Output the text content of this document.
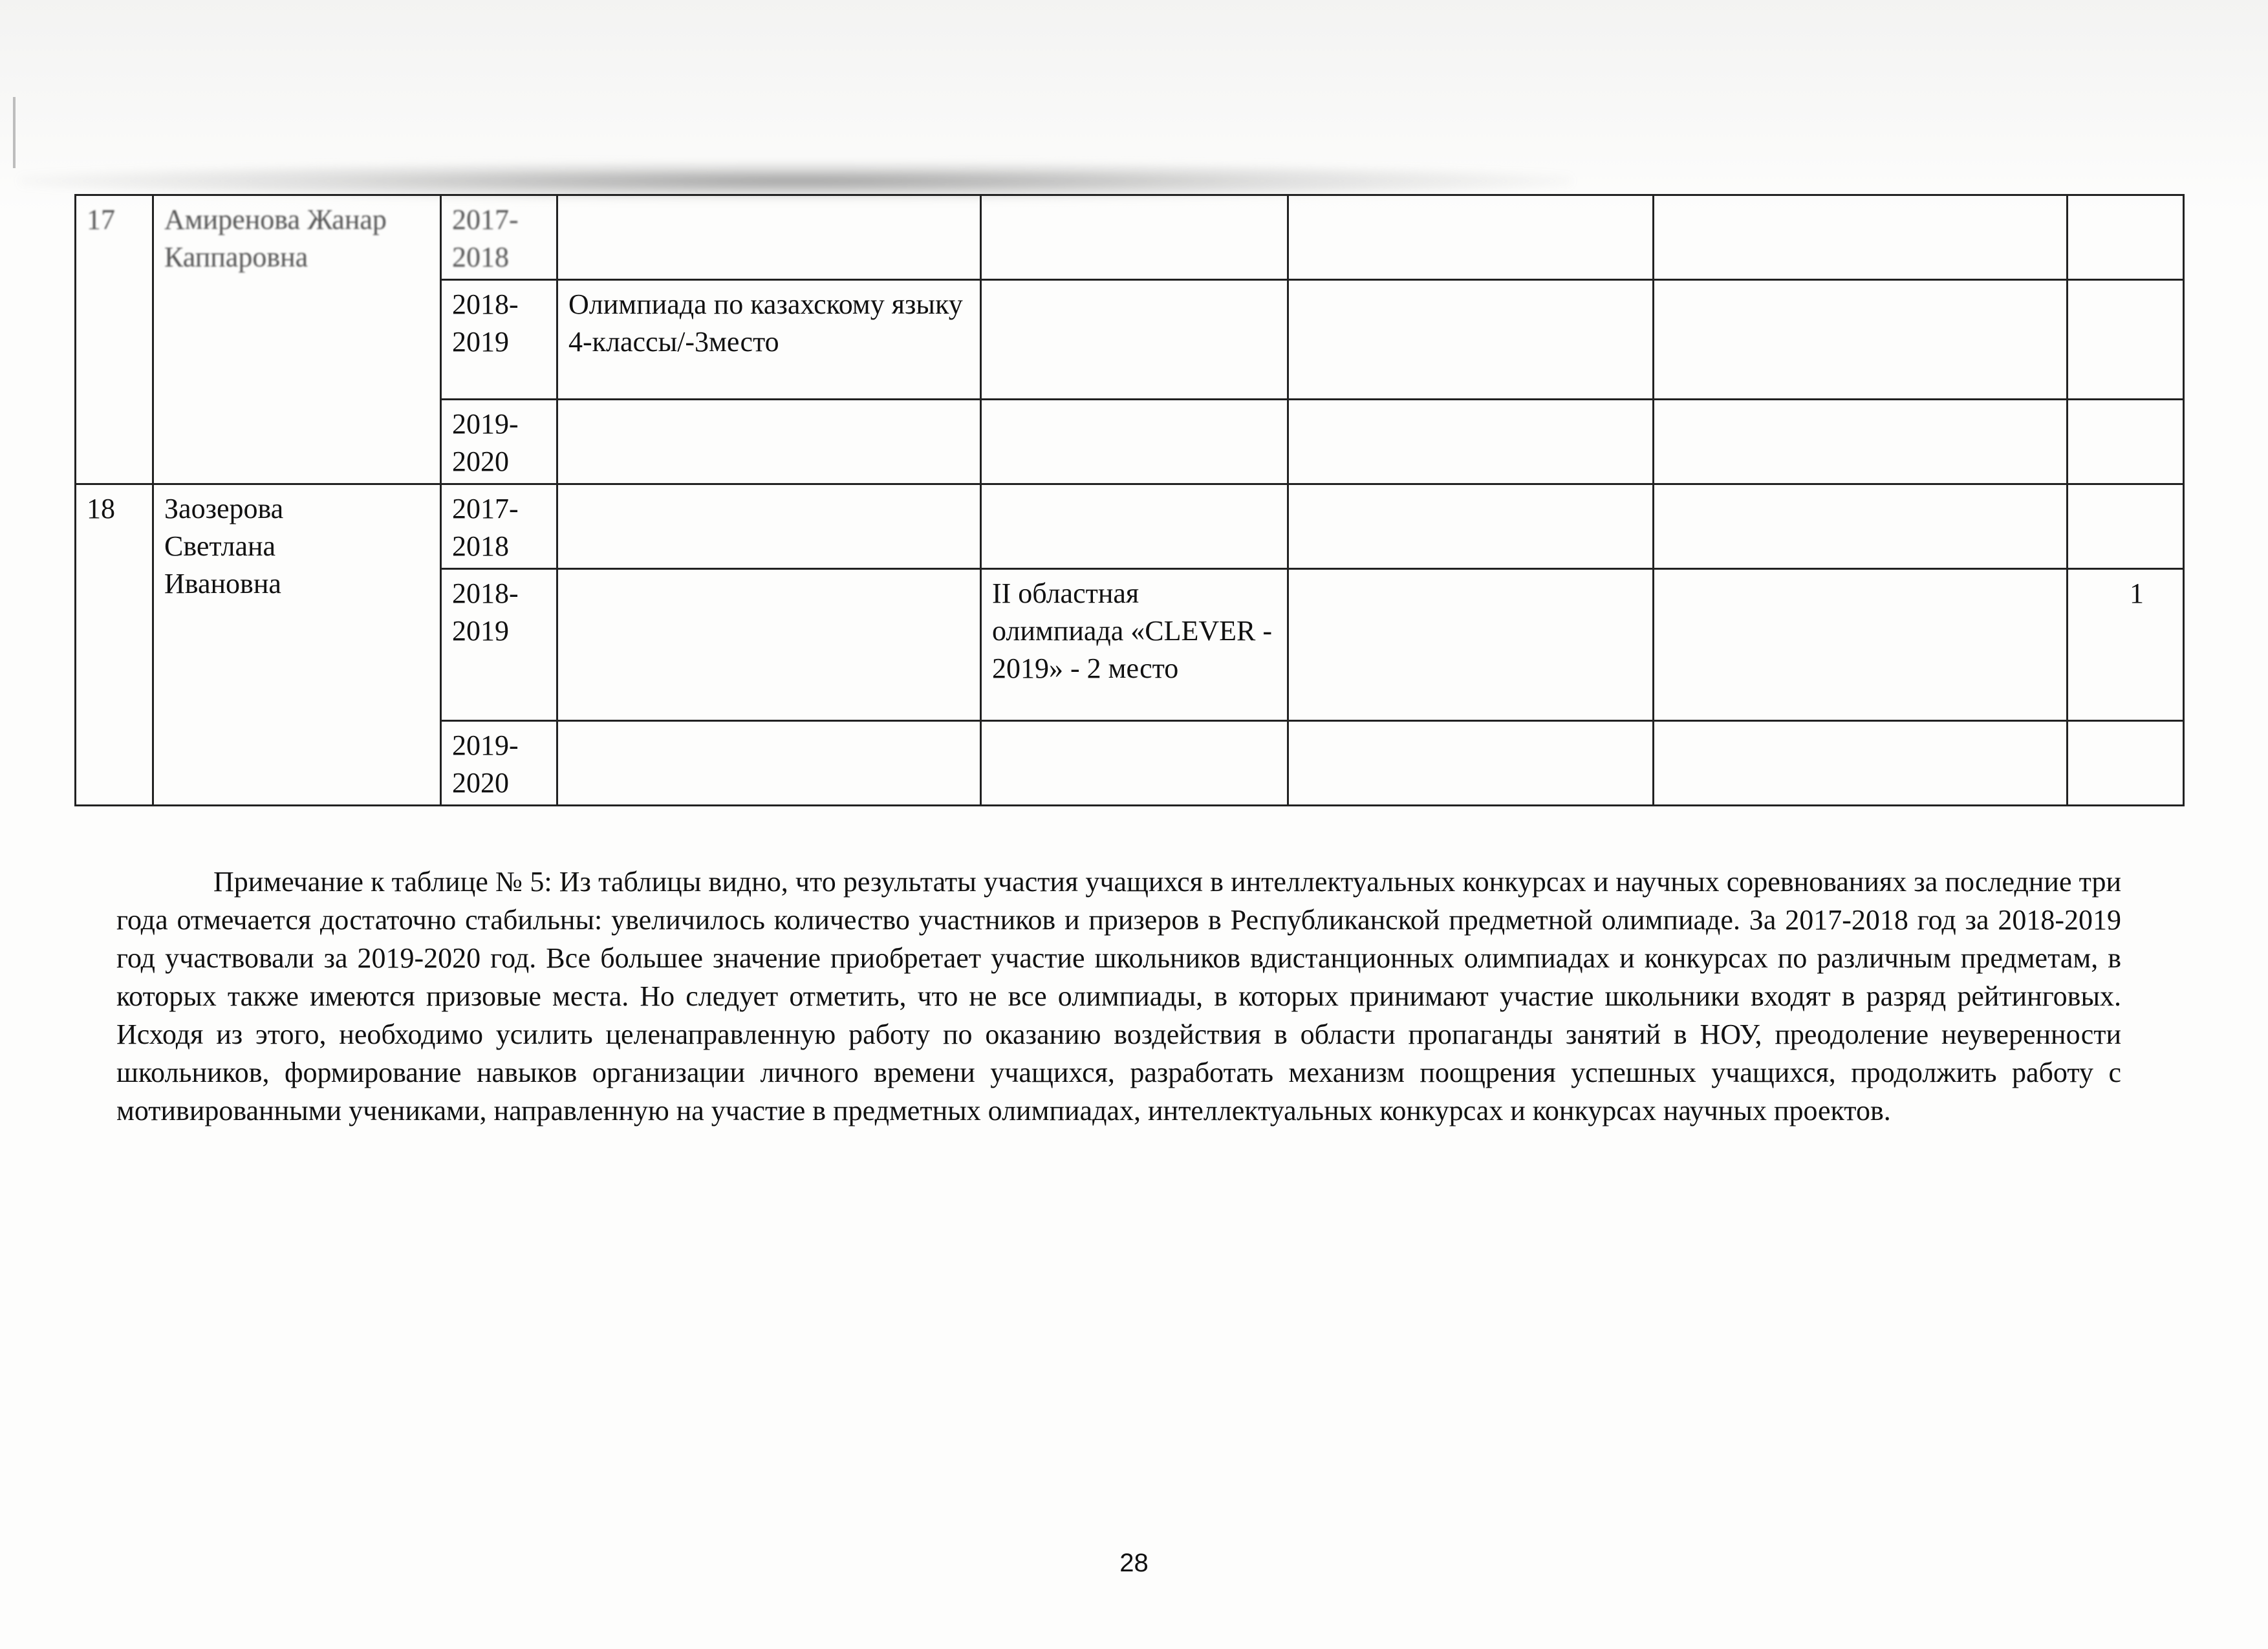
17	Амиренова Жанар Каппаровна	2017-2018					
		2018-2019	Олимпиада по казахскому языку 4-классы/-3место				
		2019-2020					
18	Заозерова Светлана Ивановна	2017-2018					
		2018-2019		II областная олимпиада «CLEVER - 2019» - 2 место			1
		2019-2020					

Примечание к таблице № 5: Из таблицы видно, что результаты участия учащихся в интеллектуальных конкурсах и научных соревнованиях за последние три года отмечается достаточно стабильны: увеличилось количество участников и призеров в Республиканской предметной олимпиаде. За 2017-2018 год за 2018-2019 год участвовали за 2019-2020 год. Все большее значение приобретает участие школьников вдистанционных олимпиадах и конкурсах по различным предметам, в которых также имеются призовые места. Но следует отметить, что не все олимпиады, в которых принимают участие школьники входят в разряд рейтинговых. Исходя из этого, необходимо усилить целенаправленную работу по оказанию воздействия в области пропаганды занятий в НОУ, преодоление неуверенности школьников, формирование навыков организации личного времени учащихся, разработать механизм поощрения успешных учащихся, продолжить работу с мотивированными учениками, направленную на участие в предметных олимпиадах, интеллектуальных конкурсах и конкурсах научных проектов.

28
